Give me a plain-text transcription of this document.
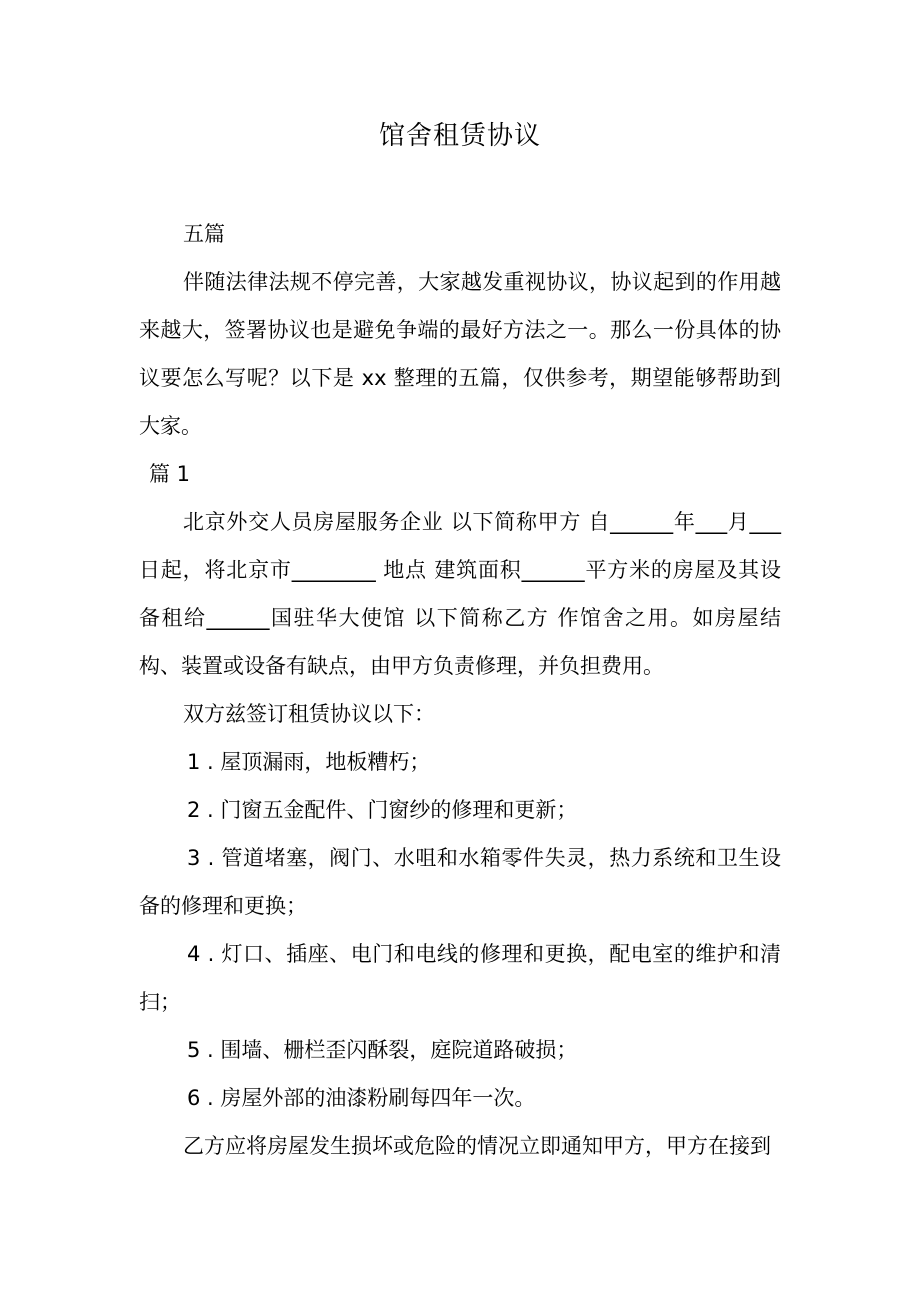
馆舍租赁协议

五篇

伴随法律法规不停完善，大家越发重视协议，协议起到的作用越来越大，签署协议也是避免争端的最好方法之一。那么一份具体的协议要怎么写呢？以下是 xx 整理的五篇，仅供参考，期望能够帮助到大家。

篇 1

北京外交人员房屋服务企业 以下简称甲方 自______年___月___日起，将北京市________ 地点 建筑面积______平方米的房屋及其设备租给______国驻华大使馆 以下简称乙方 作馆舍之用。如房屋结构、装置或设备有缺点，由甲方负责修理，并负担费用。

双方兹签订租赁协议以下：

1 . 屋顶漏雨，地板糟朽；

2 . 门窗五金配件、门窗纱的修理和更新；

3 . 管道堵塞，阀门、水咀和水箱零件失灵，热力系统和卫生设备的修理和更换；

4 . 灯口、插座、电门和电线的修理和更换，配电室的维护和清扫；

5 . 围墙、栅栏歪闪酥裂，庭院道路破损；

6 . 房屋外部的油漆粉刷每四年一次。

乙方应将房屋发生损坏或危险的情况立即通知甲方，甲方在接到
